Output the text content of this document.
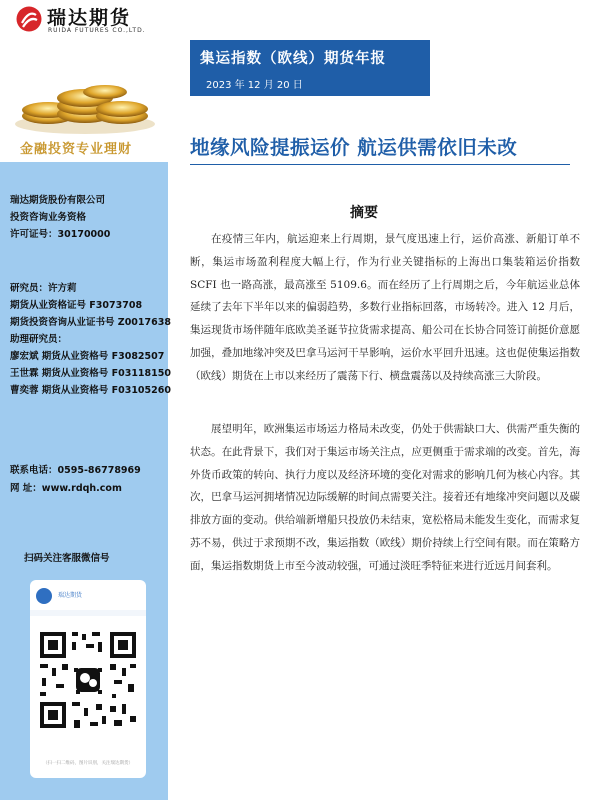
瑞达期货
RUIDA FUTURES CO.,LTD.
金融投资专业理财
瑞达期货股份有限公司
投资咨询业务资格
许可证号：30170000
研究员：许方莉
期货从业资格证号 F3073708
期货投资咨询从业证书号 Z0017638
助理研究员：
廖宏斌 期货从业资格号 F3082507
王世霖 期货从业资格号 F03118150
曹奕蓉 期货从业资格号 F03105260
联系电话：0595-86778969
网 址：www.rdqh.com
扫码关注客服微信号
瑞达期货
（扫一扫二维码，图片识别，关注瑞达期货）
集运指数（欧线）期货年报
2023 年 12 月 20 日
地缘风险提振运价 航运供需依旧未改
摘要
在疫情三年内，航运迎来上行周期，景气度迅速上行，运价高涨、新船订单不断，集运市场盈利程度大幅上行，作为行业关键指标的上海出口集装箱运价指数 SCFI 也一路高涨，最高涨至 5109.6。而在经历了上行周期之后，今年航运业总体延续了去年下半年以来的偏弱趋势，多数行业指标回落，市场转冷。进入 12 月后，集运现货市场伴随年底欧美圣诞节拉货需求提高、船公司在长协合同签订前挺价意愿加强，叠加地缘冲突及巴拿马运河干旱影响，运价水平回升迅速。这也促使集运指数（欧线）期货在上市以来经历了震荡下行、横盘震荡以及持续高涨三大阶段。
展望明年，欧洲集运市场运力格局未改变，仍处于供需缺口大、供需严重失衡的状态。在此背景下，我们对于集运市场关注点，应更侧重于需求端的改变。首先，海外货币政策的转向、执行力度以及经济环境的变化对需求的影响几何为核心内容。其次，巴拿马运河拥堵情况边际缓解的时间点需要关注。接着还有地缘冲突问题以及碳排放方面的变动。供给端新增船只投放仍未结束，宽松格局未能发生变化，而需求复苏不易，供过于求预期不改，集运指数（欧线）期价持续上行空间有限。而在策略方面，集运指数期货上市至今波动较强，可通过淡旺季特征来进行近远月间套利。
